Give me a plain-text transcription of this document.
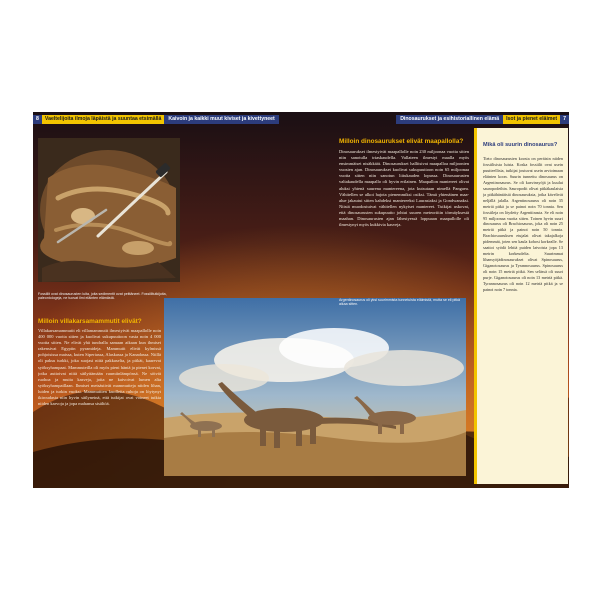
8	Vaeltelijoita ilmoja läpäistä ja suuntaa etsimällä	Kaivoin ja kaikki muut kiviset ja kivettyneet	Dinosaurukset ja esihistoriallinen elämä	Isot ja pienet eläimet	7
Fossiilit ovat dinosaurusten luita, joita sedimentit ovat peittäneet. Fossiilitutkijoita, paleontologeja, ne tuovat ilmi eläinten elämästä.
Milloin villakarsamammutit elivät?
Villakarsamammutit eli villamammutit ilmestyivät maapallolle noin 400 000 vuotta sitten ja kuolivat sukupuuttoon vasta noin 4 000 vuotta sitten. Ne elivät yhä tundralla samaan aikaan kun ihmiset rakensivat Egyptin pyramideja. Mammutit elivät kylmissä pohjoisissa maissa, kuten Siperiassa, Alaskassa ja Kanadassa. Niillä oli paksu turkki, joka suojasi niitä pakkaselta, ja pitkät, kaarevat syöksyhampaat. Mammuteilla oli myös pieni häntä ja pienet korvat, jotka auttoivat niitä säilyttämään ruumiinlämpönsä. Ne söivät ruohoa ja muita kasveja, joita ne kaivoivat lumen alta syöksyhampaillaan. Ihmiset metsästivät mammutteja niiden lihan, luiden ja turkin vuoksi. Mammuttien kuolleita ruhoja on löytynyt ikiroudasta niin hyvin säilyneinä, että tutkijat ovat voineet tutkia niiden karvoja ja jopa mahansa sisältöä.
Milloin dinosaurukset elivät maapallolla?
Dinosaurukset ilmestyivät maapallolle noin 230 miljoonaa vuotta sitten niin sanotulla triaskaudella. Vallateen ilmestyi maalla myös ensimmäiset nisäkkäät. Dinosaurukset hallitsivat maapalloa miljoonien vuosien ajan. Dinosaurukset kuolivat sukupuuttoon noin 65 miljoonaa vuotta sitten niin sanotun liitukauden lopussa. Dinosaurusten valtakaudella maapallo oli hyvin erilainen. Maapallon mantereet olivat aluksi yhtenä suurena mantereena, jota kutsutaan nimellä Pangaea. Vähitellen se alkoi hajota pienemmiksi osiksi. Tämä yhtenäinen maa-alue jakautui sitten kahdeksi mantereeksi Laurasiaksi ja Gondwanaksi. Niistä muodostuivat vähitellen nykyiset mantereet. Tutkijat uskovat, että dinosaurusten sukupuutto johtui suuren meteoriitin törmäyksestä maahan. Dinosaurusten ajan lähestyessä loppuaan maapallolle oli ilmestynyt myös kukkivia kasveja.
Argentinosaurus oli yksi suurimmista tunnetuista eläimistä, mutta se eli pitkä aikaa sitten.
Mikä oli suurin dinosaurus?
Tieto dinosaurusten koosta on peräisin niiden fossiilisista luista. Koska fossiilit ovat usein puutteellisia, tutkijat joutuvat usein arvioimaan eläinten koon. Suurin tunnettu dinosaurus on Argentinosaurus. Se oli kasvinsyöjä ja kuului sauropodeihin. Sauropodit olivat pitkäkaulaisia ja pitkähäntäisiä dinosauruksia, jotka kävelivät neljällä jalalla. Argentinosaurus oli noin 35 metriä pitkä ja se painoi noin 70 tonnia. Sen fossiileja on löydetty Argentiinasta. Se eli noin 95 miljoonaa vuotta sitten. Toinen hyvin suuri dinosaurus oli Brachiosaurus, joka oli noin 25 metriä pitkä ja painoi noin 50 tonnia. Brachiosauruksen etujalat olivat takajalkoja pidemmät, joten sen kaula kohosi korkealle. Se saattoi syödä lehtiä puiden latvoista jopa 13 metrin korkeudelta. Suurimmat lihansyöjädinosaurukset olivat Spinosaurus, Giganotosaurus ja Tyrannosaurus. Spinosaurus oli noin 15 metriä pitkä. Sen selässä oli suuri purje. Giganotosaurus oli noin 13 metriä pitkä. Tyrannosaurus oli noin 12 metriä pitkä ja se painoi noin 7 tonnia.
